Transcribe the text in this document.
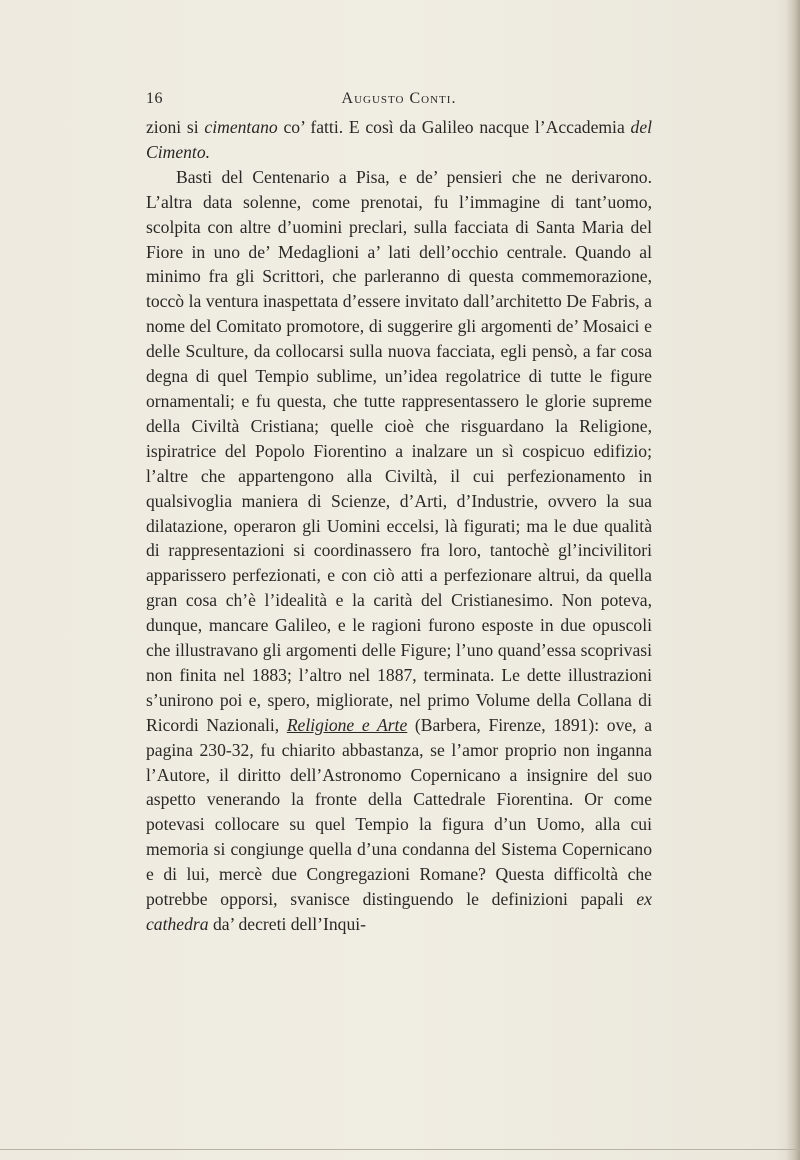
16	Augusto Conti.

zioni si cimentano co’ fatti. E così da Galileo nacque l’Accademia del Cimento.

Basti del Centenario a Pisa, e de’ pensieri che ne derivarono. L’altra data solenne, come prenotai, fu l’immagine di tant’uomo, scolpita con altre d’uomini preclari, sulla facciata di Santa Maria del Fiore in uno de’ Medaglioni a’ lati dell’occhio centrale. Quando al minimo fra gli Scrittori, che parleranno di questa commemorazione, toccò la ventura inaspettata d’essere invitato dall’architetto De Fabris, a nome del Comitato promotore, di suggerire gli argomenti de’ Mosaici e delle Sculture, da collocarsi sulla nuova facciata, egli pensò, a far cosa degna di quel Tempio sublime, un’idea regolatrice di tutte le figure ornamentali; e fu questa, che tutte rappresentassero le glorie supreme della Civiltà Cristiana; quelle cioè che risguardano la Religione, ispiratrice del Popolo Fiorentino a inalzare un sì cospicuo edifizio; l’altre che appartengono alla Civiltà, il cui perfezionamento in qualsivoglia maniera di Scienze, d’Arti, d’Industrie, ovvero la sua dilatazione, operaron gli Uomini eccelsi, là figurati; ma le due qualità di rappresentazioni si coordinassero fra loro, tantochè gl’incivilitori apparissero perfezionati, e con ciò atti a perfezionare altrui, da quella gran cosa ch’è l’idealità e la carità del Cristianesimo. Non poteva, dunque, mancare Galileo, e le ragioni furono esposte in due opuscoli che illustravano gli argomenti delle Figure; l’uno quand’essa scoprivasi non finita nel 1883; l’altro nel 1887, terminata. Le dette illustrazioni s’unirono poi e, spero, migliorate, nel primo Volume della Collana di Ricordi Nazionali, Religione e Arte (Barbera, Firenze, 1891): ove, a pagina 230-32, fu chiarito abbastanza, se l’amor proprio non inganna l’Autore, il diritto dell’Astronomo Copernicano a insignire del suo aspetto venerando la fronte della Cattedrale Fiorentina. Or come potevasi collocare su quel Tempio la figura d’un Uomo, alla cui memoria si congiunge quella d’una condanna del Sistema Copernicano e di lui, mercè due Congregazioni Romane? Questa difficoltà che potrebbe opporsi, svanisce distinguendo le definizioni papali ex cathedra da’ decreti dell’Inqui-
